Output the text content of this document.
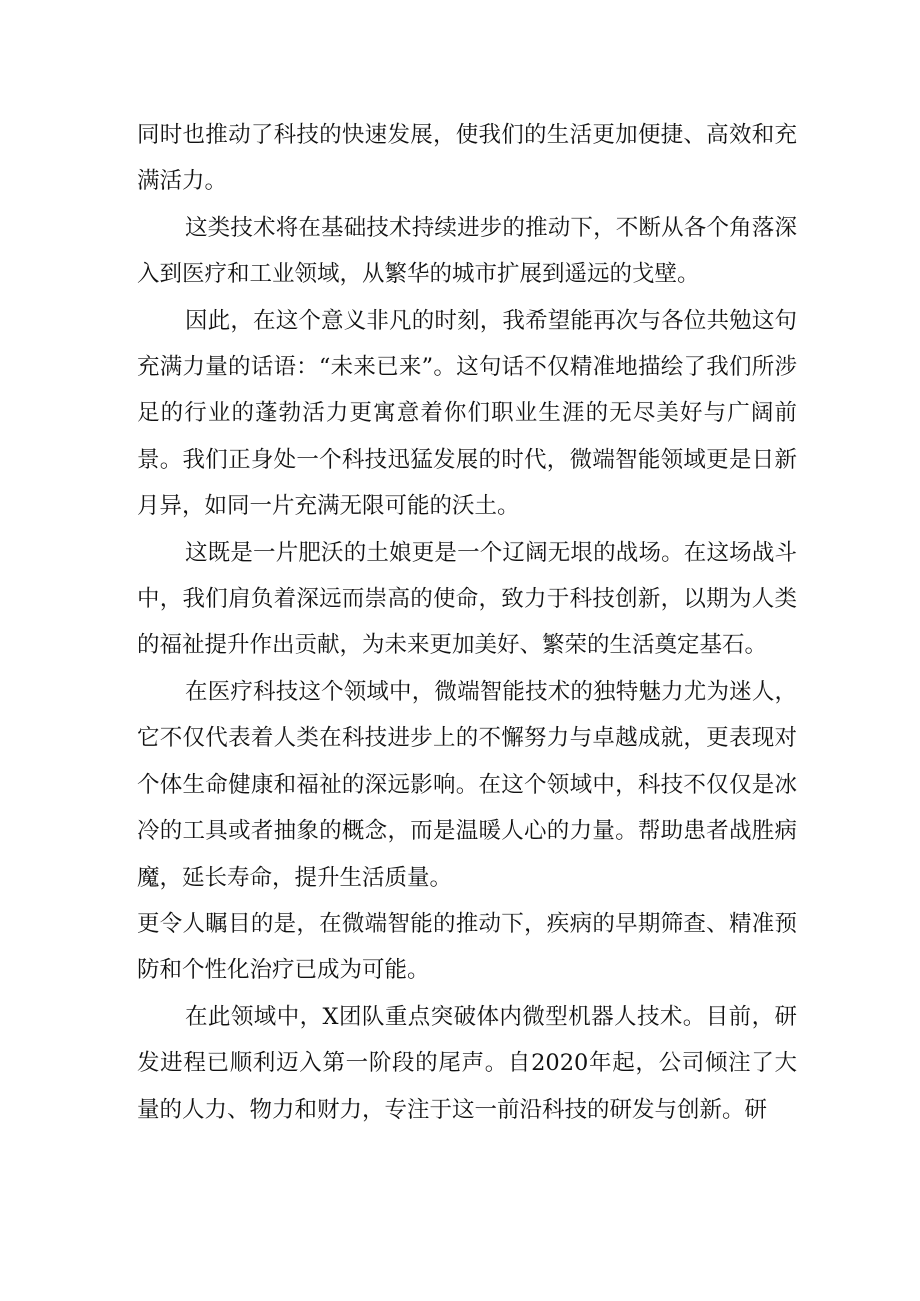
同时也推动了科技的快速发展，使我们的生活更加便捷、高效和充满活力。

这类技术将在基础技术持续进步的推动下，不断从各个角落深入到医疗和工业领域，从繁华的城市扩展到遥远的戈壁。

因此，在这个意义非凡的时刻，我希望能再次与各位共勉这句充满力量的话语：“未来已来”。这句话不仅精准地描绘了我们所涉足的行业的蓬勃活力更寓意着你们职业生涯的无尽美好与广阔前景。我们正身处一个科技迅猛发展的时代，微端智能领域更是日新月异，如同一片充满无限可能的沃土。

这既是一片肥沃的土娘更是一个辽阔无垠的战场。在这场战斗中，我们肩负着深远而崇高的使命，致力于科技创新，以期为人类的福祉提升作出贡献，为未来更加美好、繁荣的生活奠定基石。

在医疗科技这个领域中，微端智能技术的独特魅力尤为迷人，它不仅代表着人类在科技进步上的不懈努力与卓越成就，更表现对个体生命健康和福祉的深远影响。在这个领域中，科技不仅仅是冰冷的工具或者抽象的概念，而是温暖人心的力量。帮助患者战胜病魔，延长寿命，提升生活质量。

更令人瞩目的是，在微端智能的推动下，疾病的早期筛查、精准预防和个性化治疗已成为可能。

在此领域中，X团队重点突破体内微型机器人技术。目前，研发进程已顺利迈入第一阶段的尾声。自2020年起，公司倾注了大量的人力、物力和财力，专注于这一前沿科技的研发与创新。研
